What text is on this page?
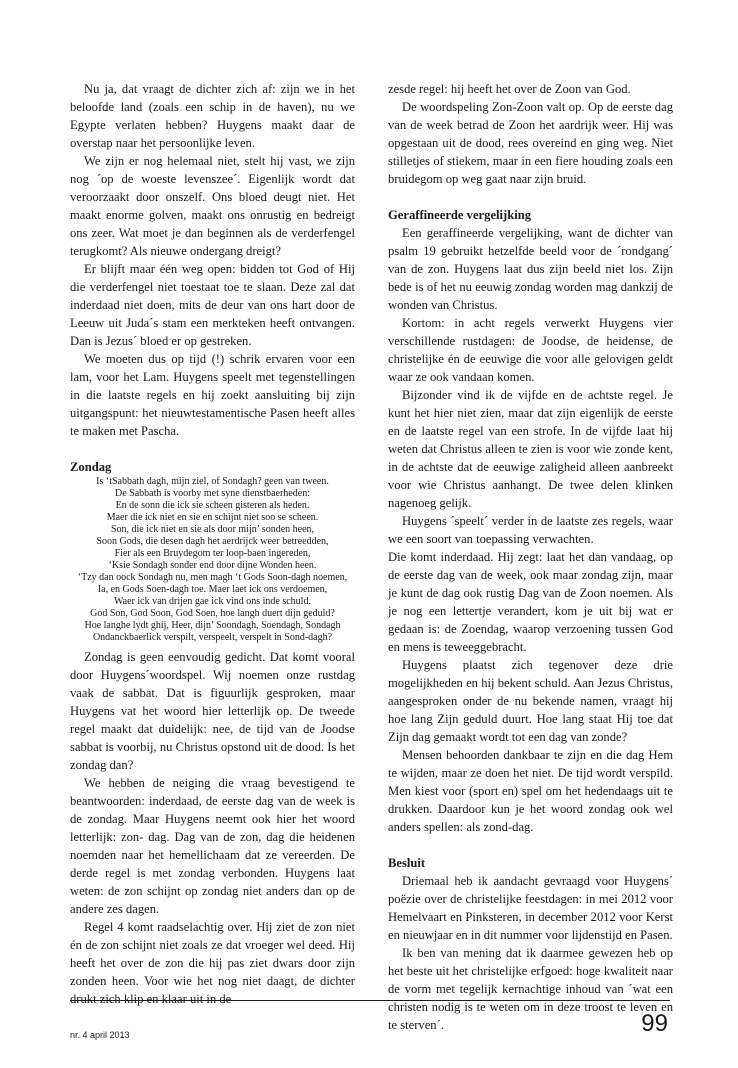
Nu ja, dat vraagt de dichter zich af: zijn we in het beloofde land (zoals een schip in de haven), nu we Egypte verlaten hebben? Huygens maakt daar de overstap naar het persoonlijke leven.

We zijn er nog helemaal niet, stelt hij vast, we zijn nog ´op de woeste levenszee´. Eigenlijk wordt dat veroorzaakt door onszelf. Ons bloed deugt niet. Het maakt enorme golven, maakt ons onrustig en bedreigt ons zeer. Wat moet je dan beginnen als de verderfengel terugkomt? Als nieuwe ondergang dreigt?

Er blijft maar één weg open: bidden tot God of Hij die verderfengel niet toestaat toe te slaan. Deze zal dat inderdaad niet doen, mits de deur van ons hart door de Leeuw uit Juda´s stam een merkteken heeft ontvangen. Dan is Jezus´ bloed er op gestreken.

We moeten dus op tijd (!) schrik ervaren voor een lam, voor het Lam. Huygens speelt met tegenstellingen in die laatste regels en hij zoekt aansluiting bij zijn uitgangspunt: het nieuwtestamentische Pasen heeft alles te maken met Pascha.

Zondag
Is ‘tSabbath dagh, mijn ziel, of Sondagh? geen van tween.
De Sabbath is voorby met syne dienstbaerheden:
En de sonn die ick sie scheen gisteren als heden.
Maer die ick niet en sie en schijnt niet soo se scheen.
Son, die ick niet en sie als door mijn’ sonden heen,
Soon Gods, die desen dagh het aerdrijck weer betreedden,
Fier als een Bruydegom ter loop-baen ingereden,
‘Ksie Sondagh sonder end door dijne Wonden heen.
‘Tzy dan oock Sondagh nu, men magh ‘t Gods Soon-dagh noemen,
Ia, en Gods Soen-dagh toe. Maer laet ick ons verdoemen,
Waer ick van drijen gae ick vind ons inde schuld.
God Son, God Soon, God Soen, hoe langh duert dijn geduld?
Hoe langhe lydt ghij, Heer, dijn’ Soondagh, Soendagh, Sondagh
Ondanckbaerlick verspilt, verspeelt, verspelt in Sond-dagh?

Zondag is geen eenvoudig gedicht. Dat komt vooral door Huygens´woordspel. Wij noemen onze rustdag vaak de sabbat. Dat is figuurlijk gesproken, maar Huygens vat het woord hier letterlijk op. De tweede regel maakt dat duidelijk: nee, de tijd van de Joodse sabbat is voorbij, nu Christus opstond uit de dood. Is het zondag dan?

We hebben de neiging die vraag bevestigend te beantwoorden: inderdaad, de eerste dag van de week is de zondag. Maar Huygens neemt ook hier het woord letterlijk: zon- dag. Dag van de zon, dag die heidenen noemden naar het hemellichaam dat ze vereerden. De derde regel is met zondag verbonden. Huygens laat weten: de zon schijnt op zondag niet anders dan op de andere zes dagen.

Regel 4 komt raadselachtig over. Hij ziet de zon niet én de zon schijnt niet zoals ze dat vroeger wel deed. Hij heeft het over de zon die hij pas ziet dwars door zijn zonden heen. Voor wie het nog niet daagt, de dichter drukt zich klip en klaar uit in de

zesde regel: hij heeft het over de Zoon van God.

De woordspeling Zon-Zoon valt op. Op de eerste dag van de week betrad de Zoon het aardrijk weer. Hij was opgestaan uit de dood, rees overeind en ging weg. Niet stilletjes of stiekem, maar in een fiere houding zoals een bruidegom op weg gaat naar zijn bruid.

Geraffineerde vergelijking

Een geraffineerde vergelijking, want de dichter van psalm 19 gebruikt hetzelfde beeld voor de ´rondgang´ van de zon. Huygens laat dus zijn beeld niet los. Zijn bede is of het nu eeuwig zondag worden mag dankzij de wonden van Christus.

Kortom: in acht regels verwerkt Huygens vier verschillende rustdagen: de Joodse, de heidense, de christelijke én de eeuwige die voor alle gelovigen geldt waar ze ook vandaan komen.

Bijzonder vind ik de vijfde en de achtste regel. Je kunt het hier niet zien, maar dat zijn eigenlijk de eerste en de laatste regel van een strofe. In de vijfde laat hij weten dat Christus alleen te zien is voor wie zonde kent, in de achtste dat de eeuwige zaligheid alleen aanbreekt voor wie Christus aanhangt. De twee delen klinken nagenoeg gelijk.

Huygens ´speelt´ verder in de laatste zes regels, waar we een soort van toepassing verwachten.

Die komt inderdaad. Hij zegt: laat het dan vandaag, op de eerste dag van de week, ook maar zondag zijn, maar je kunt de dag ook rustig Dag van de Zoon noemen. Als je nog een lettertje verandert, kom je uit bij wat er gedaan is: de Zoendag, waarop verzoening tussen God en mens is teweeggebracht.

Huygens plaatst zich tegenover deze drie mogelijkheden en hij bekent schuld. Aan Jezus Christus, aangesproken onder de nu bekende namen, vraagt hij hoe lang Zijn geduld duurt. Hoe lang staat Hij toe dat Zijn dag gemaakt wordt tot een dag van zonde?

Mensen behoorden dankbaar te zijn en die dag Hem te wijden, maar ze doen het niet. De tijd wordt verspild. Men kiest voor (sport en) spel om het hedendaags uit te drukken. Daardoor kun je het woord zondag ook wel anders spellen: als zond-dag.

Besluit

Driemaal heb ik aandacht gevraagd voor Huygens´ poëzie over de christelijke feestdagen: in mei 2012 voor Hemelvaart en Pinksteren, in december 2012 voor Kerst en nieuwjaar en in dit nummer voor lijdenstijd en Pasen.

Ik ben van mening dat ik daarmee gewezen heb op het beste uit het christelijke erfgoed: hoge kwaliteit naar de vorm met tegelijk kernachtige inhoud van ´wat een christen nodig is te weten om in deze troost te leven en te sterven´.

nr. 4 april 2013	99
